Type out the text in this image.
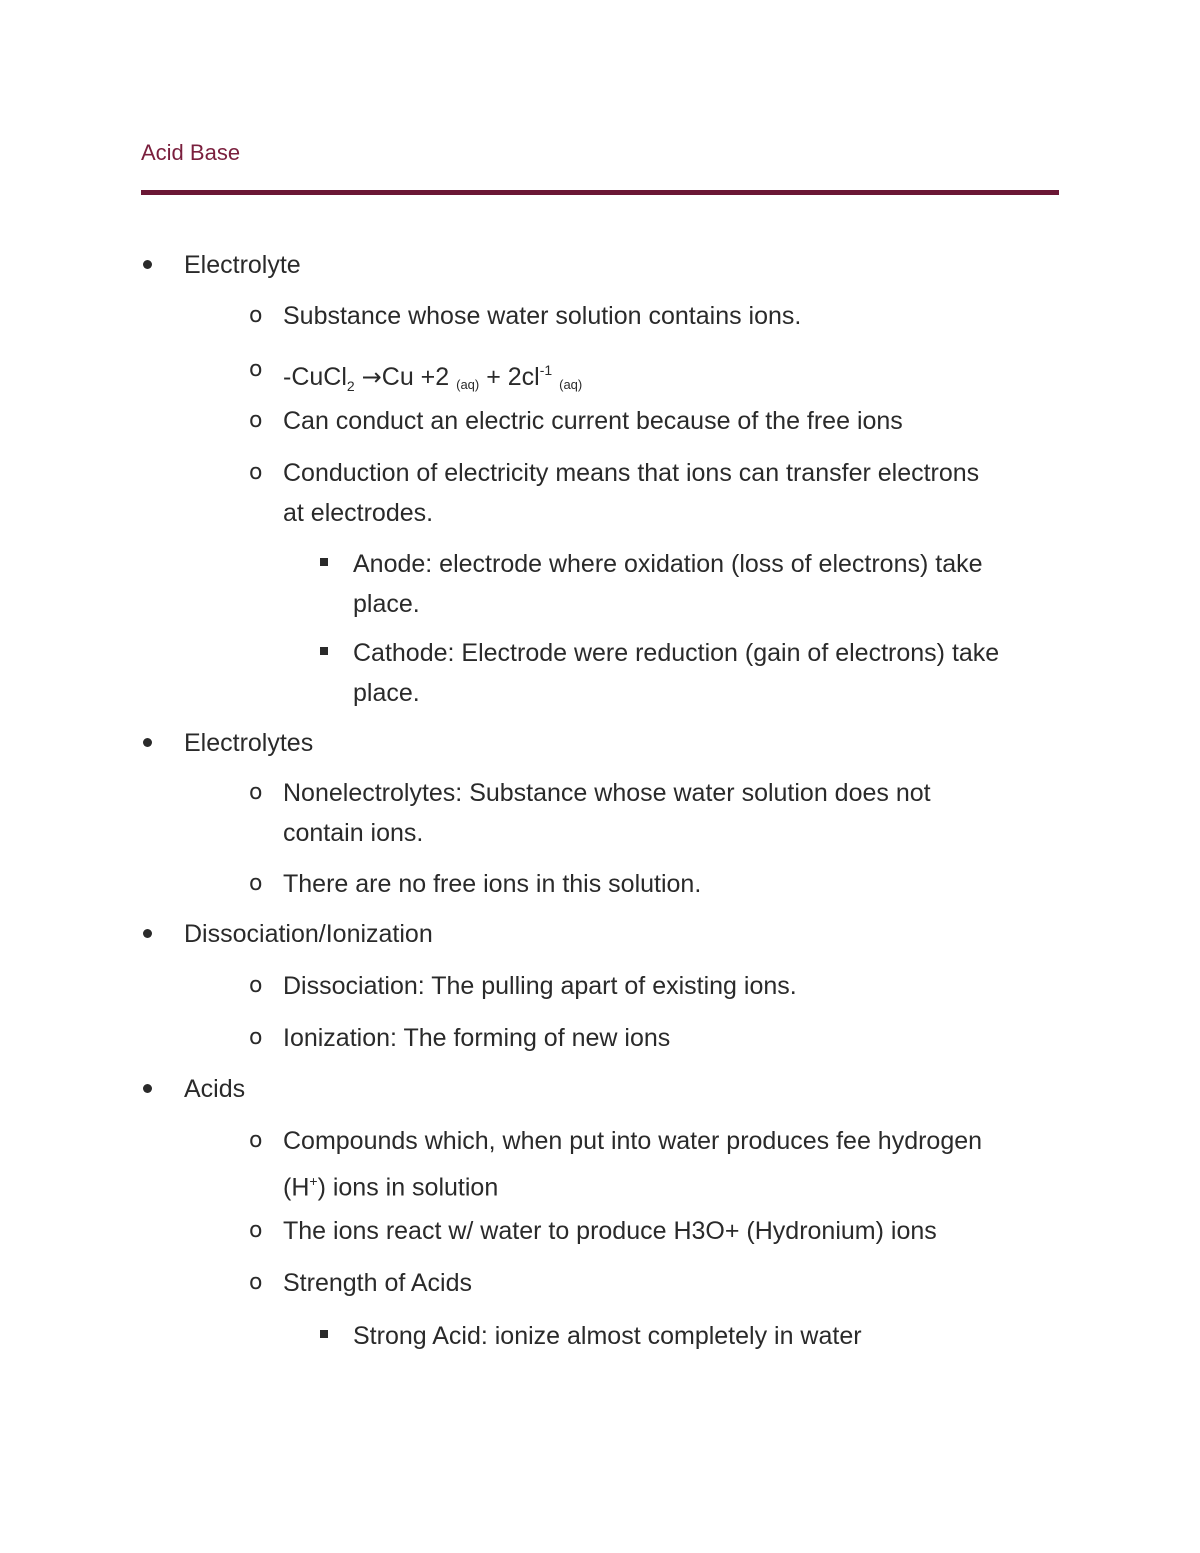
Acid Base
Electrolyte
o Substance whose water solution contains ions.
o -CuCl$_2$ →Cu +2 $_{(aq)} + 2cl^{-1}$ $_{(aq)}$
o Can conduct an electric current because of the free ions
o Conduction of electricity means that ions can transfer electrons
at electrodes.
Anode: electrode where oxidation (loss of electrons) take
place.
Cathode: Electrode were reduction (gain of electrons) take
place.
Electrolytes
o Nonelectrolytes: Substance whose water solution does not
contain ions.
o There are no free ions in this solution.
Dissociation/Ionization
o Dissociation: The pulling apart of existing ions.
o Ionization: The forming of new ions
Acids
o Compounds which, when put into water produces fee hydrogen
(H+) ions in solution
o The ions react w/ water to produce H3O+ (Hydronium) ions
o Strength of Acids
Strong Acid: ionize almost completely in water
